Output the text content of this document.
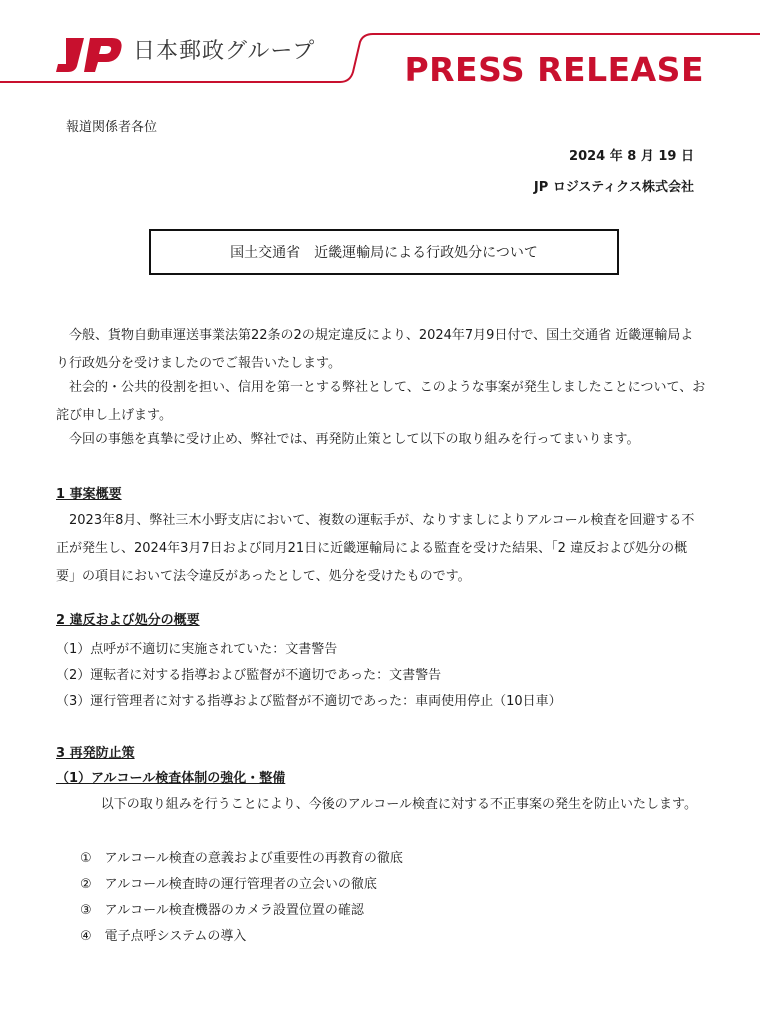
日本郵政グループ	PRESS RELEASE
報道関係者各位
2024 年 8 月 19 日
JP ロジスティクス株式会社
国土交通省　近畿運輸局による行政処分について
今般、貨物自動車運送事業法第22条の2の規定違反により、2024年7月9日付で、国土交通省 近畿運輸局より行政処分を受けましたのでご報告いたします。
社会的・公共的役割を担い、信用を第一とする弊社として、このような事案が発生しましたことについて、お詫び申し上げます。
今回の事態を真摯に受け止め、弊社では、再発防止策として以下の取り組みを行ってまいります。
1 事案概要
2023年8月、弊社三木小野支店において、複数の運転手が、なりすましによりアルコール検査を回避する不正が発生し、2024年3月7日および同月21日に近畿運輸局による監査を受けた結果、「2 違反および処分の概要」の項目において法令違反があったとして、処分を受けたものです。
2 違反および処分の概要
（1）点呼が不適切に実施されていた：文書警告
（2）運転者に対する指導および監督が不適切であった：文書警告
（3）運行管理者に対する指導および監督が不適切であった：車両使用停止（10日車）
3 再発防止策
（1）アルコール検査体制の強化・整備
以下の取り組みを行うことにより、今後のアルコール検査に対する不正事案の発生を防止いたします。
①　アルコール検査の意義および重要性の再教育の徹底
②　アルコール検査時の運行管理者の立会いの徹底
③　アルコール検査機器のカメラ設置位置の確認
④　電子点呼システムの導入
